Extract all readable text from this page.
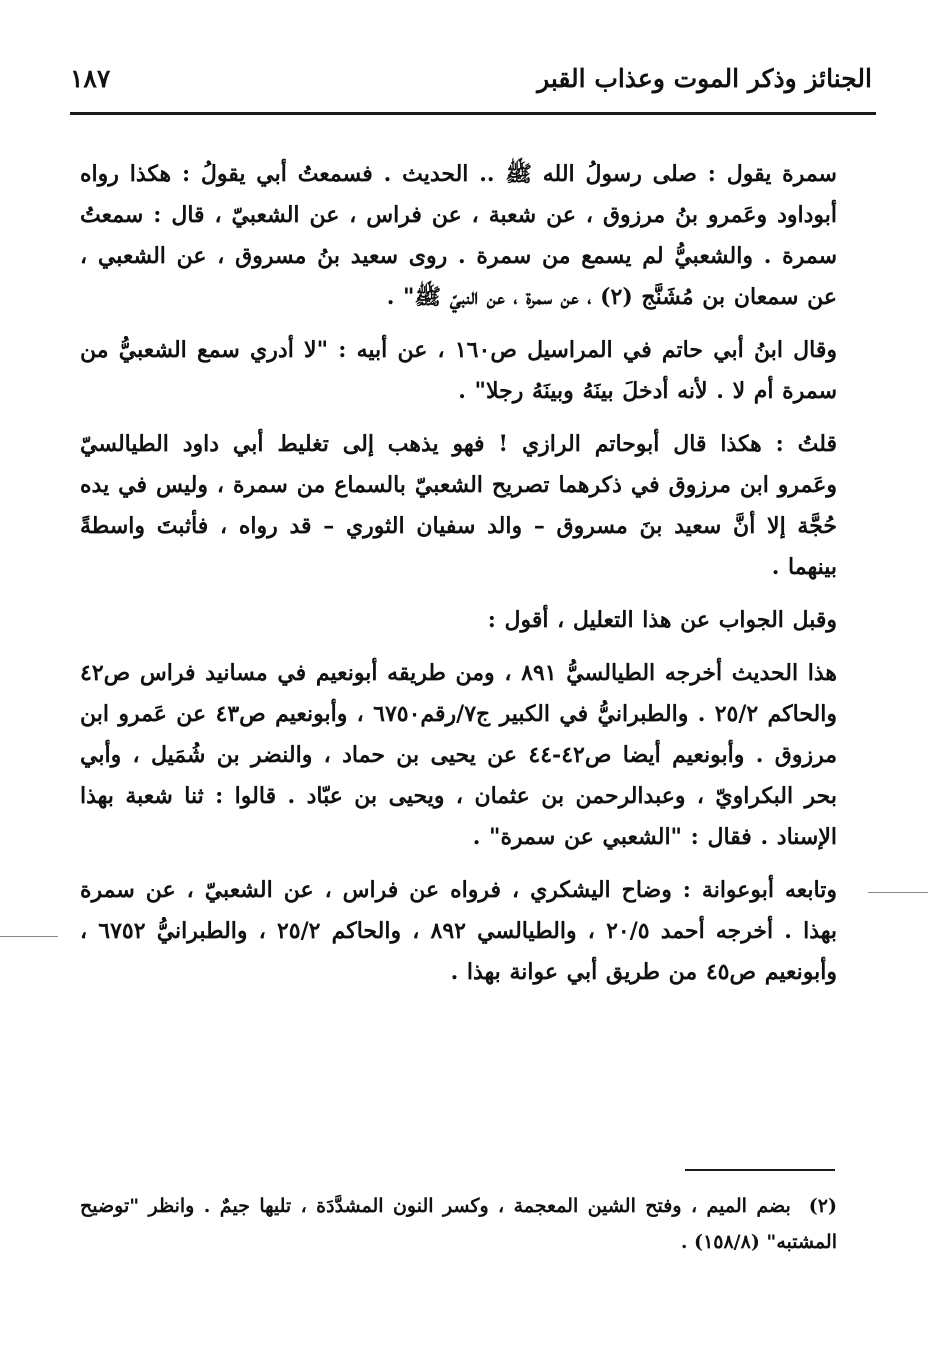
الجنائز وذكر الموت وعذاب القبر
١٨٧

سمرة يقول : صلى رسولُ الله ﷺ .. الحديث . فسمعتُ أبي يقولُ : هكذا رواه أبوداود وعَمرو بنُ مرزوق ، عن شعبة ، عن فراس ، عن الشعبيّ ، قال : سمعتُ سمرة . والشعبيُّ لم يسمع من سمرة . روى سعيد بنُ مسروق ، عن الشعبي ، عن سمعان بن مُشَنَّج (٢) ، عن سمرة ، عن النبيّ ﷺ" .

وقال ابنُ أبي حاتم في المراسيل ص١٦٠ ، عن أبيه : "لا أدري سمع الشعبيُّ من سمرة أم لا . لأنه أدخلَ بينَهُ وبينَهُ رجلا" .

قلتُ : هكذا قال أبوحاتم الرازي ! فهو يذهب إلى تغليط أبي داود الطيالسيّ وعَمرو ابن مرزوق في ذكرهما تصريح الشعبيّ بالسماع من سمرة ، وليس في يده حُجَّة إلا أنَّ سعيد بنَ مسروق – والد سفيان الثوري – قد رواه ، فأثبتَ واسطةً بينهما .

وقبل الجواب عن هذا التعليل ، أقول :

هذا الحديث أخرجه الطيالسيُّ ٨٩١ ، ومن طريقه أبونعيم في مسانيد فراس ص٤٢ والحاكم ٢٥/٢ . والطبرانيُّ في الكبير ج٧/رقم٦٧٥٠ ، وأبونعيم ص٤٣ عن عَمرو ابن مرزوق . وأبونعيم أيضا ص٤٢-٤٤ عن يحيى بن حماد ، والنضر بن شُمَيل ، وأبي بحر البكراويّ ، وعبدالرحمن بن عثمان ، ويحيى بن عبّاد . قالوا : ثنا شعبة بهذا الإسناد . فقال : "الشعبي عن سمرة" .

وتابعه أبوعوانة : وضاح اليشكري ، فرواه عن فراس ، عن الشعبيّ ، عن سمرة بهذا . أخرجه أحمد ٢٠/٥ ، والطيالسي ٨٩٢ ، والحاكم ٢٥/٢ ، والطبرانيُّ ٦٧٥٢ ، وأبونعيم ص٤٥ من طريق أبي عوانة بهذا .

(٢)بضم الميم ، وفتح الشين المعجمة ، وكسر النون المشدَّدَة ، تليها جيمٌ . وانظر "توضيح المشتبه" (١٥٨/٨) .
